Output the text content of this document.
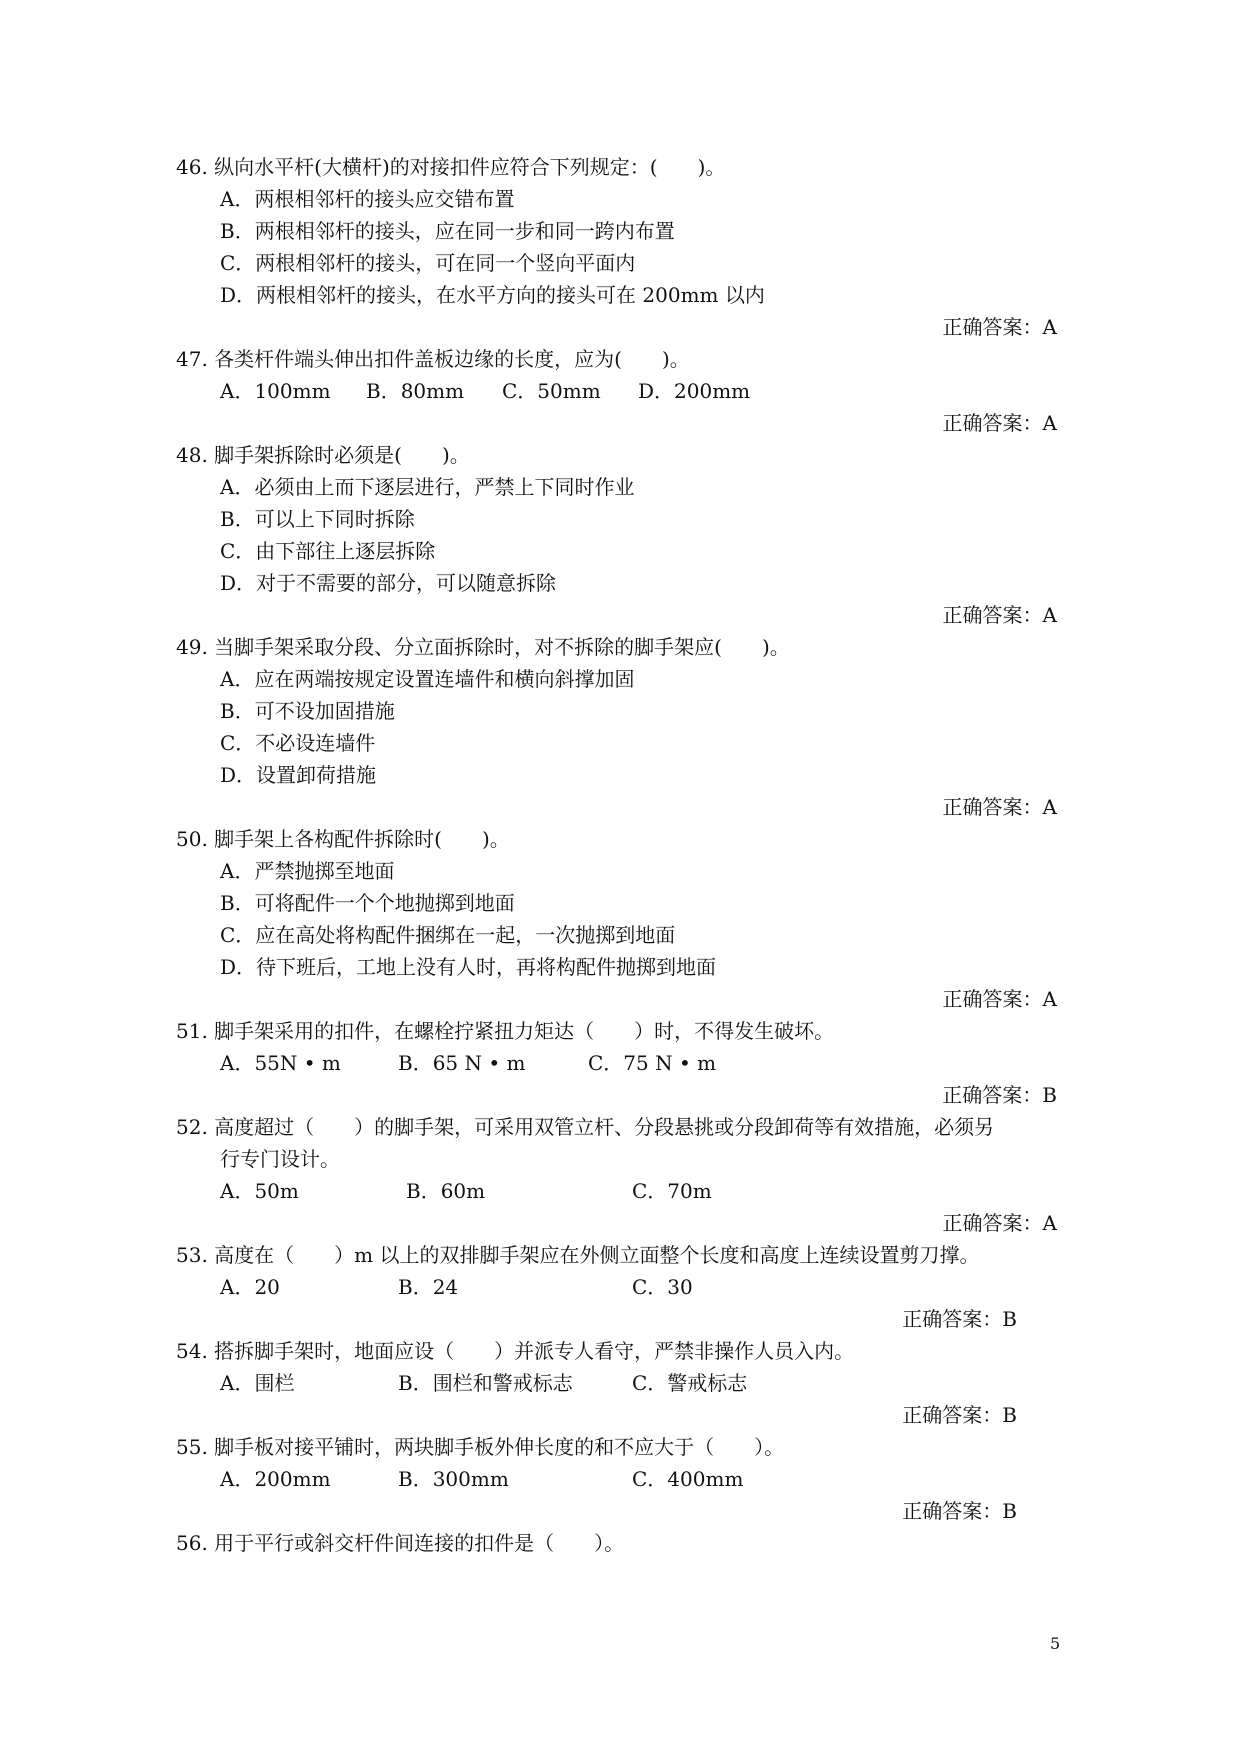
46. 纵向水平杆(大横杆)的对接扣件应符合下列规定：(　　)。
A．两根相邻杆的接头应交错布置
B．两根相邻杆的接头，应在同一步和同一跨内布置
C．两根相邻杆的接头，可在同一个竖向平面内
D．两根相邻杆的接头，在水平方向的接头可在 200mm 以内
正确答案：A
47. 各类杆件端头伸出扣件盖板边缘的长度，应为(　　)。
A．100mm B．80mm C．50mm D．200mm
正确答案：A
48. 脚手架拆除时必须是(　　)。
A．必须由上而下逐层进行，严禁上下同时作业
B．可以上下同时拆除
C．由下部往上逐层拆除
D．对于不需要的部分，可以随意拆除
正确答案：A
49. 当脚手架采取分段、分立面拆除时，对不拆除的脚手架应(　　)。
A．应在两端按规定设置连墙件和横向斜撑加固
B．可不设加固措施
C．不必设连墙件
D．设置卸荷措施
正确答案：A
50. 脚手架上各构配件拆除时(　　)。
A．严禁抛掷至地面
B．可将配件一个个地抛掷到地面
C．应在高处将构配件捆绑在一起，一次抛掷到地面
D．待下班后，工地上没有人时，再将构配件抛掷到地面
正确答案：A
51. 脚手架采用的扣件，在螺栓拧紧扭力矩达（　　）时，不得发生破坏。
A．55N • m	B．65 N • m	C．75 N • m
正确答案：B
52. 高度超过（　　）的脚手架，可采用双管立杆、分段悬挑或分段卸荷等有效措施，必须另
行专门设计。
A．50m	B．60m	C．70m
正确答案：A
53. 高度在（　　）m 以上的双排脚手架应在外侧立面整个长度和高度上连续设置剪刀撑。
A．20	B．24	C．30
正确答案：B
54. 搭拆脚手架时，地面应设（　　）并派专人看守，严禁非操作人员入内。
A．围栏	B．围栏和警戒标志	C．警戒标志
正确答案：B
55. 脚手板对接平铺时，两块脚手板外伸长度的和不应大于（　　）。
A．200mm	B．300mm	C．400mm
正确答案：B
56. 用于平行或斜交杆件间连接的扣件是（　　）。
5
